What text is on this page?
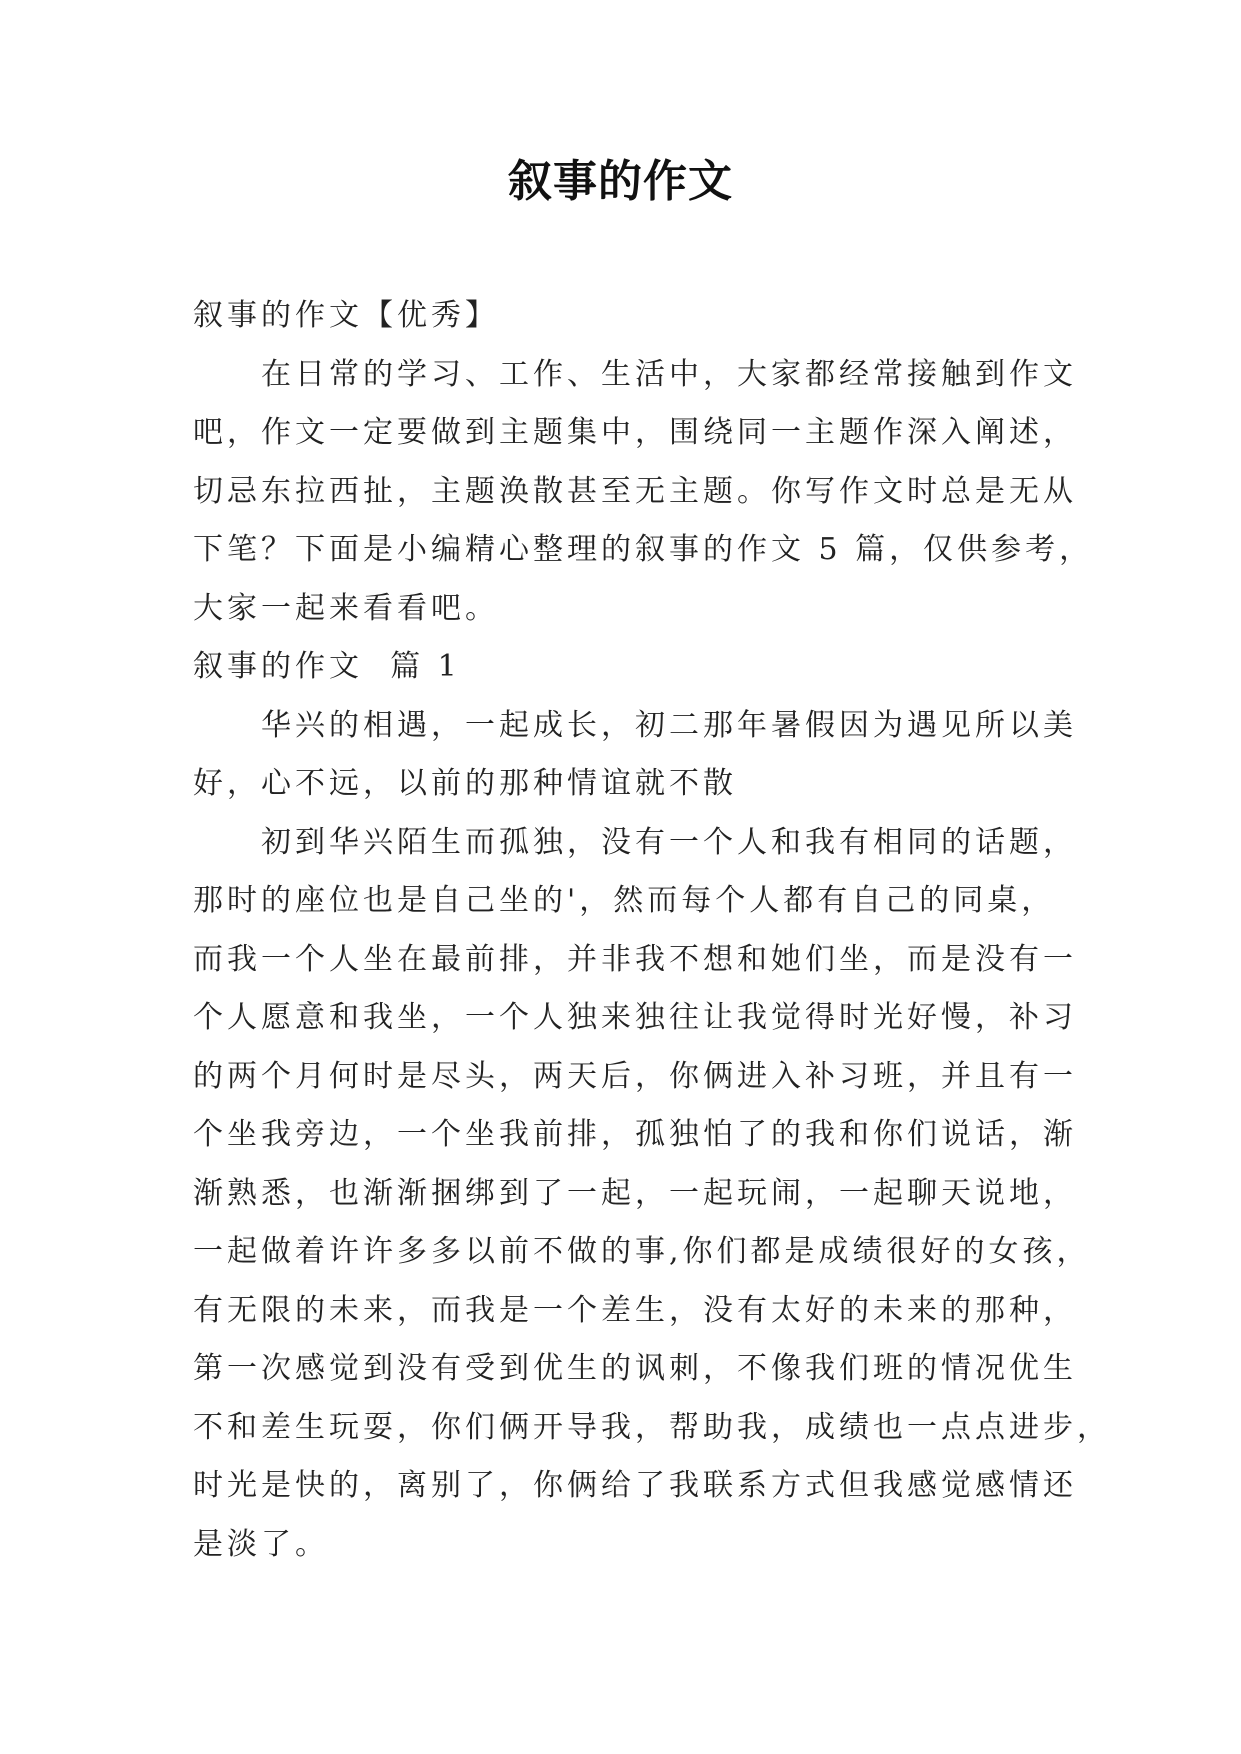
叙事的作文
叙事的作文【优秀】
在日常的学习、工作、生活中，大家都经常接触到作文
吧，作文一定要做到主题集中，围绕同一主题作深入阐述，
切忌东拉西扯，主题涣散甚至无主题。你写作文时总是无从
下笔？下面是小编精心整理的叙事的作文 5 篇，仅供参考，
大家一起来看看吧。
叙事的作文  篇 1
华兴的相遇，一起成长，初二那年暑假因为遇见所以美
好，心不远，以前的那种情谊就不散
初到华兴陌生而孤独，没有一个人和我有相同的话题，
那时的座位也是自己坐的'，然而每个人都有自己的同桌，
而我一个人坐在最前排，并非我不想和她们坐，而是没有一
个人愿意和我坐，一个人独来独往让我觉得时光好慢，补习
的两个月何时是尽头，两天后，你俩进入补习班，并且有一
个坐我旁边，一个坐我前排，孤独怕了的我和你们说话，渐
渐熟悉，也渐渐捆绑到了一起，一起玩闹，一起聊天说地，
一起做着许许多多以前不做的事,你们都是成绩很好的女孩，
有无限的未来，而我是一个差生，没有太好的未来的那种，
第一次感觉到没有受到优生的讽刺，不像我们班的情况优生
不和差生玩耍，你们俩开导我，帮助我，成绩也一点点进步，
时光是快的，离别了，你俩给了我联系方式但我感觉感情还
是淡了。
